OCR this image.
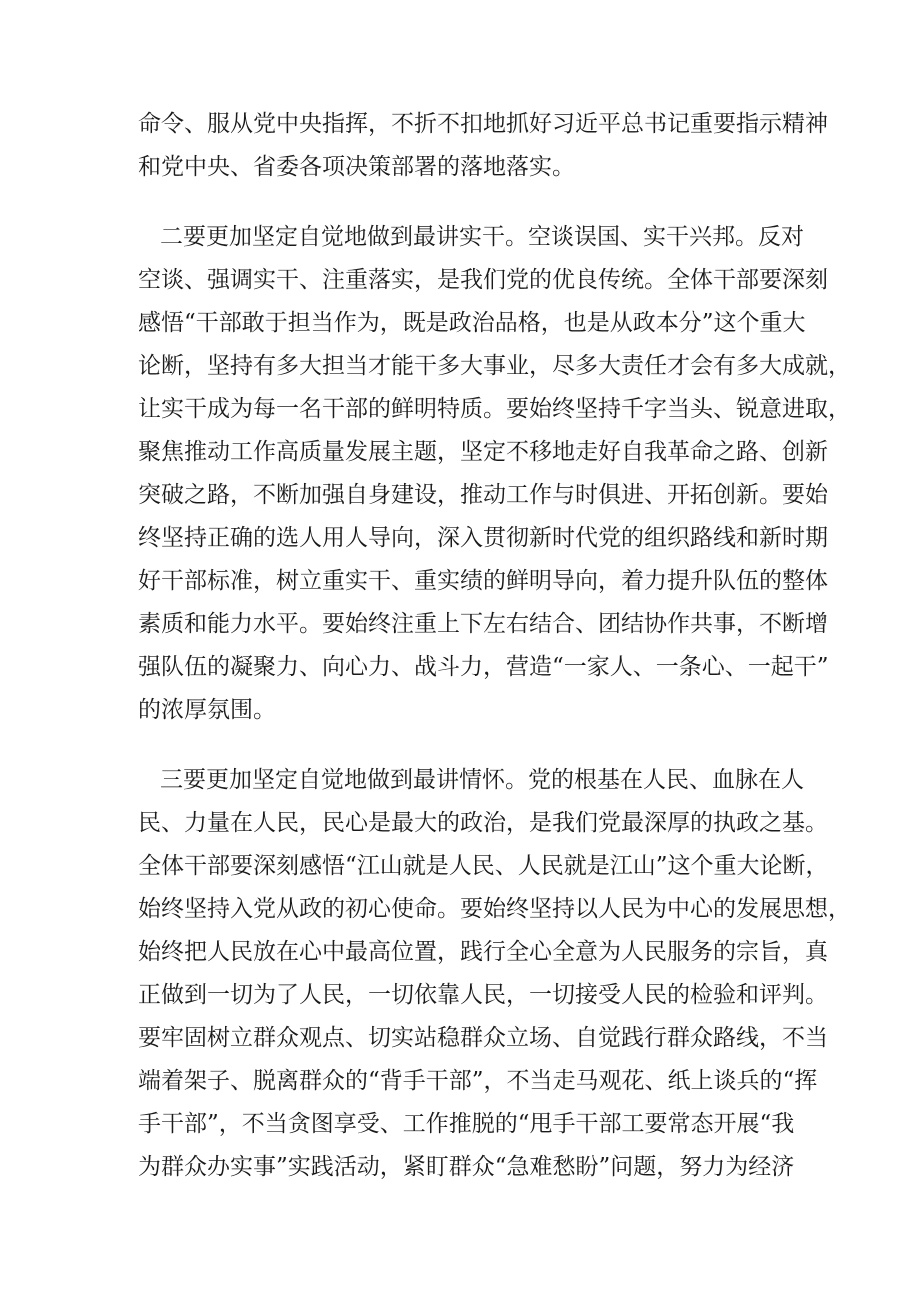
命令、服从党中央指挥，不折不扣地抓好习近平总书记重要指示精神
和党中央、省委各项决策部署的落地落实。
二要更加坚定自觉地做到最讲实干。空谈误国、实干兴邦。反对
空谈、强调实干、注重落实，是我们党的优良传统。全体干部要深刻
感悟“干部敢于担当作为，既是政治品格，也是从政本分”这个重大
论断，坚持有多大担当才能干多大事业，尽多大责任才会有多大成就，
让实干成为每一名干部的鲜明特质。要始终坚持千字当头、锐意进取，
聚焦推动工作高质量发展主题，坚定不移地走好自我革命之路、创新
突破之路，不断加强自身建设，推动工作与时俱进、开拓创新。要始
终坚持正确的选人用人导向，深入贯彻新时代党的组织路线和新时期
好干部标准，树立重实干、重实绩的鲜明导向，着力提升队伍的整体
素质和能力水平。要始终注重上下左右结合、团结协作共事，不断增
强队伍的凝聚力、向心力、战斗力，营造“一家人、一条心、一起干”
的浓厚氛围。
三要更加坚定自觉地做到最讲情怀。党的根基在人民、血脉在人
民、力量在人民，民心是最大的政治，是我们党最深厚的执政之基。
全体干部要深刻感悟“江山就是人民、人民就是江山”这个重大论断，
始终坚持入党从政的初心使命。要始终坚持以人民为中心的发展思想，
始终把人民放在心中最高位置，践行全心全意为人民服务的宗旨，真
正做到一切为了人民，一切依靠人民，一切接受人民的检验和评判。
要牢固树立群众观点、切实站稳群众立场、自觉践行群众路线，不当
端着架子、脱离群众的“背手干部”，不当走马观花、纸上谈兵的“挥
手干部”，不当贪图享受、工作推脱的“甩手干部工要常态开展“我
为群众办实事”实践活动，紧盯群众“急难愁盼”问题，努力为经济
